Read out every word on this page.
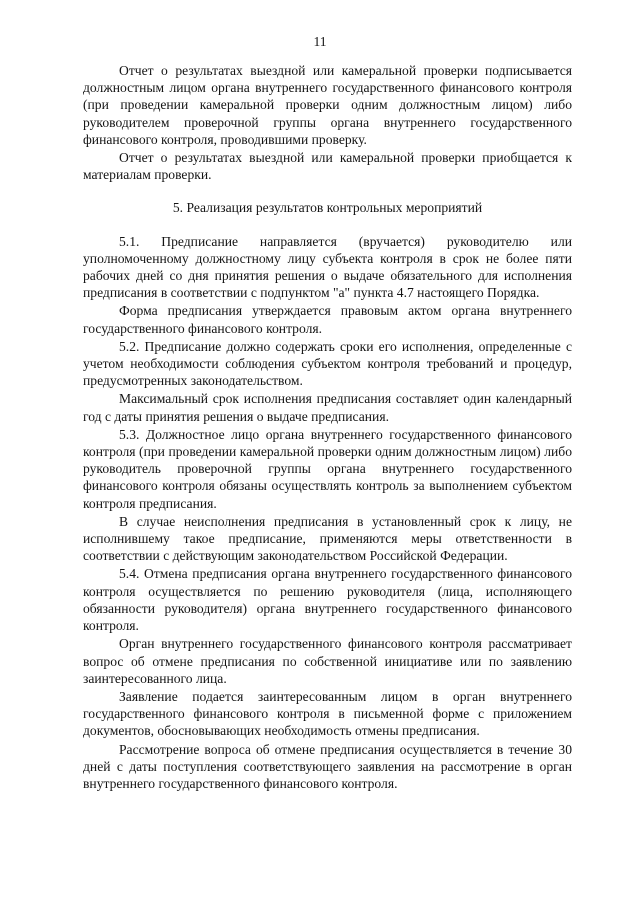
11

Отчет о результатах выездной или камеральной проверки подписывается должностным лицом органа внутреннего государственного финансового контроля (при проведении камеральной проверки одним должностным лицом) либо руководителем проверочной группы органа внутреннего государственного финансового контроля, проводившими проверку.

Отчет о результатах выездной или камеральной проверки приобщается к материалам проверки.

5. Реализация результатов контрольных мероприятий

5.1. Предписание направляется (вручается) руководителю или уполномоченному должностному лицу субъекта контроля в срок не более пяти рабочих дней со дня принятия решения о выдаче обязательного для исполнения предписания в соответствии с подпунктом "а" пункта 4.7 настоящего Порядка.

Форма предписания утверждается правовым актом органа внутреннего государственного финансового контроля.

5.2. Предписание должно содержать сроки его исполнения, определенные с учетом необходимости соблюдения субъектом контроля требований и процедур, предусмотренных законодательством.

Максимальный срок исполнения предписания составляет один календарный год с даты принятия решения о выдаче предписания.

5.3. Должностное лицо органа внутреннего государственного финансового контроля (при проведении камеральной проверки одним должностным лицом) либо руководитель проверочной группы органа внутреннего государственного финансового контроля обязаны осуществлять контроль за выполнением субъектом контроля предписания.

В случае неисполнения предписания в установленный срок к лицу, не исполнившему такое предписание, применяются меры ответственности в соответствии с действующим законодательством Российской Федерации.

5.4. Отмена предписания органа внутреннего государственного финансового контроля осуществляется по решению руководителя (лица, исполняющего обязанности руководителя) органа внутреннего государственного финансового контроля.

Орган внутреннего государственного финансового контроля рассматривает вопрос об отмене предписания по собственной инициативе или по заявлению заинтересованного лица.

Заявление подается заинтересованным лицом в орган внутреннего государственного финансового контроля в письменной форме с приложением документов, обосновывающих необходимость отмены предписания.

Рассмотрение вопроса об отмене предписания осуществляется в течение 30 дней с даты поступления соответствующего заявления на рассмотрение в орган внутреннего государственного финансового контроля.
